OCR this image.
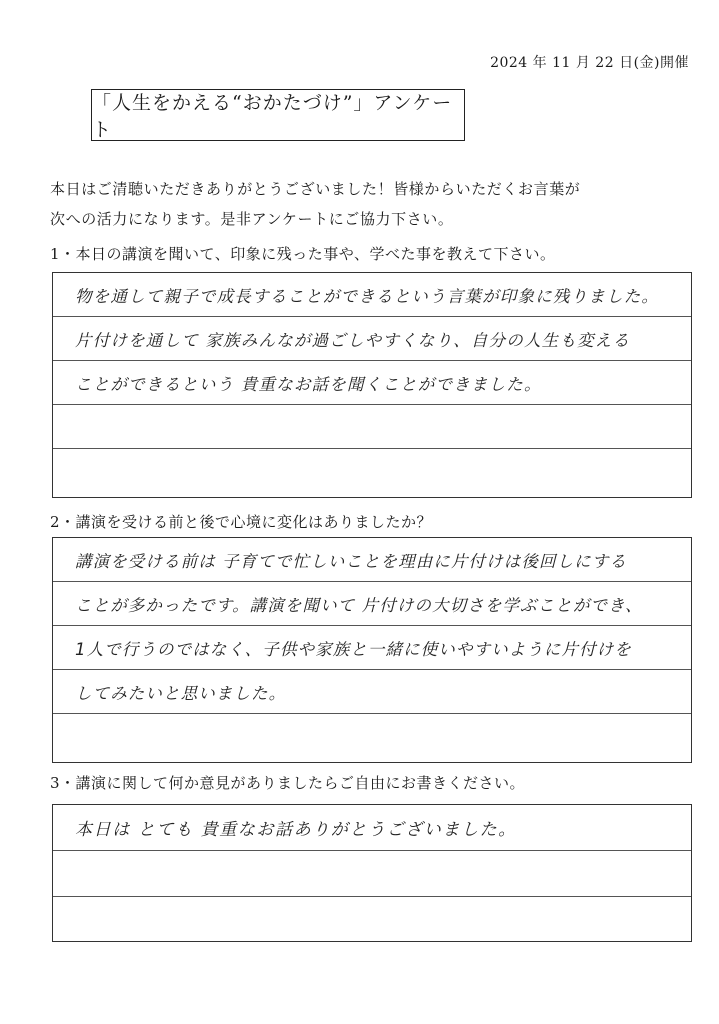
2024 年 11 月 22 日(金)開催
「人生をかえる“おかたづけ”」アンケート
本日はご清聴いただきありがとうございました！皆様からいただくお言葉が
次への活力になります。是非アンケートにご協力下さい。
1・本日の講演を聞いて、印象に残った事や、学べた事を教えて下さい。
物を通して親子で成長することができるという言葉が印象に残りました。
片付けを通して 家族みんなが過ごしやすくなり、自分の人生も変える
ことができるという 貴重なお話を聞くことができました。
2・講演を受ける前と後で心境に変化はありましたか？
講演を受ける前は 子育てで忙しいことを理由に片付けは後回しにする
ことが多かったです。講演を聞いて 片付けの大切さを学ぶことができ、
1人で行うのではなく、子供や家族と一緒に使いやすいように片付けを
してみたいと思いました。
3・講演に関して何か意見がありましたらご自由にお書きください。
本日は とても 貴重なお話ありがとうございました。
